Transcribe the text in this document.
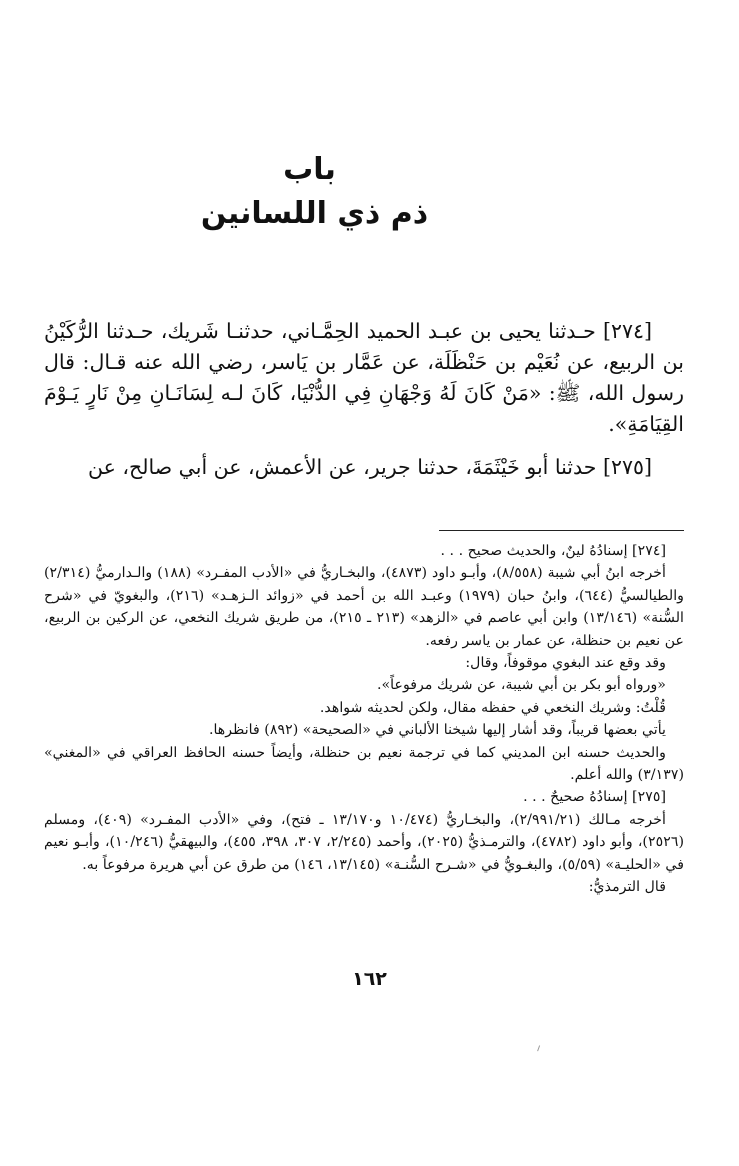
باب
ذم ذي اللسانين

[٢٧٤] حـدثنا يحيى بن عبـد الحميد الحِمَّـاني، حدثنـا شَريك، حـدثنا الرُّكَيْنُ بن الربيع، عن نُعَيْم بن حَنْظَلَة، عن عَمَّار بن يَاسر، رضي الله عنه قـال: قال رسول الله، ﷺ: «مَنْ كَانَ لَهُ وَجْهَانِ فِي الدُّنْيَا، كَانَ لـه لِسَانَـانِ مِنْ نَارٍ يَـوْمَ القِيَامَةِ».

[٢٧٥] حدثنا أبو خَيْثَمَةَ، حدثنا جرير، عن الأعمش، عن أبي صالح، عن

[٢٧٤] إسنادُهُ لينٌ، والحديث صحيح . . .

أخرجه ابنُ أبي شيبة (٨/٥٥٨)، وأبـو داود (٤٨٧٣)، والبخـاريُّ في «الأدب المفـرد» (١٨٨) والـدارميُّ (٢/٣١٤) والطيالسيُّ (٦٤٤)، وابنُ حبان (١٩٧٩) وعبـد الله بن أحمد في «زوائد الـزهـد» (٢١٦)، والبغويّ في «شرح السُّنة» (١٣/١٤٦) وابن أبي عاصم في «الزهد» (٢١٣ ـ ٢١٥)، من طريق شريك النخعي، عن الركين بن الربيع، عن نعيم بن حنظلة، عن عمار بن ياسر رفعه.

وقد وقع عند البغوي موقوفاً، وقال:

«ورواه أبو بكر بن أبي شيبة، عن شريك مرفوعاً».

قُلْتُ: وشريك النخعي في حفظه مقال، ولكن لحديثه شواهد.

يأتي بعضها قريباً، وقد أشار إليها شيخنا الألباني في «الصحيحة» (٨٩٢) فانظرها.

والحديث حسنه ابن المديني كما في ترجمة نعيم بن حنظلة، وأيضاً حسنه الحافظ العراقي في «المغني» (٣/١٣٧) والله أعلم.

[٢٧٥] إسنادُهُ صحيحٌ . . .

أخرجه مـالك (٢/٩٩١/٢١)، والبخـاريُّ (١٠/٤٧٤ و١٣/١٧٠ ـ فتح)، وفي «الأدب المفـرد» (٤٠٩)، ومسلم (٢٥٢٦)، وأبو داود (٤٧٨٢)، والترمـذيُّ (٢٠٢٥)، وأحمد (٢/٢٤٥، ٣٠٧، ٣٩٨، ٤٥٥)، والبيهقيُّ (١٠/٢٤٦)، وأبـو نعيم في «الحليـة» (٥/٥٩)، والبغـويُّ في «شـرح السُّنـة» (١٣/١٤٥، ١٤٦) من طرق عن أبي هريرة مرفوعاً به.

قال الترمذيُّ:

١٦٢
